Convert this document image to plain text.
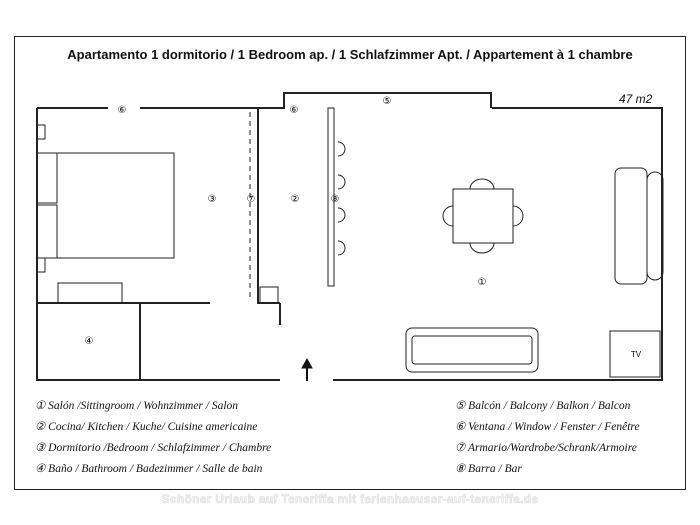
Apartamento 1 dormitorio / 1 Bedroom ap. / 1 Schlafzimmer Apt. / Appartement à 1 chambre
47 m2
⑥	⑥
⑤
③	⑦	②	⑧
①
④
TV
① Salón /Sittingroom / Wohnzimmer / Salon
② Cocina/ Kitchen / Kuche/ Cuisine americaine
③ Dormitorio /Bedroom / Schlafzimmer / Chambre
④ Baño / Bathroom / Badezimmer / Salle de bain
⑤ Balcón / Balcony / Balkon / Balcon
⑥ Ventana / Window / Fenster / Fenêtre
⑦ Armario/Wardrobe/Schrank/Armoire
⑧ Barra / Bar
Schöner Urlaub auf Teneriffa mit ferienhaeuser-auf-teneriffa.de
